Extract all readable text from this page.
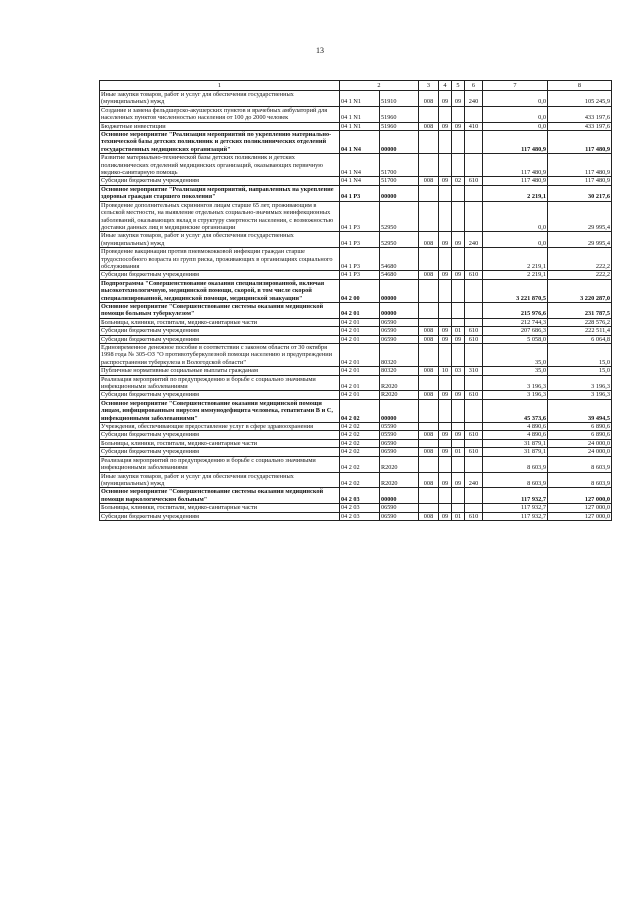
13
1	2		3	4	5	6	7	8
Иные закупки товаров, работ и услуг для обеспечения государственных (муниципальных) нужд	04 1 N1	51910	008	09	09	240	0,0	105 245,9
Создание и замена фельдшерско-акушерских пунктов и врачебных амбулаторий для населенных пунктов численностью населения от 100 до 2000 человек	04 1 N1	51960					0,0	433 197,6
Бюджетные инвестиции	04 1 N1	51960	008	09	09	410	0,0	433 197,6
Основное мероприятие "Реализация мероприятий по укреплению материально-технической базы детских поликлиник и детских поликлинических отделений государственных медицинских организаций"	04 1 N4	00000					117 480,9	117 480,9
Развитие материально-технической базы детских поликлиник и детских поликлинических отделений медицинских организаций, оказывающих первичную медико-санитарную помощь	04 1 N4	51700					117 480,9	117 480,9
Субсидии бюджетным учреждениям	04 1 N4	51700	008	09	02	610	117 480,9	117 480,9
Основное мероприятие "Реализация мероприятий, направленных на укрепление здоровья граждан старшего поколения"	04 1 P3	00000					2 219,1	30 217,6
Проведение дополнительных скринингов лицам старше 65 лет, проживающим в сельской местности, на выявление отдельных социально-значимых неинфекционных заболеваний, оказывающих вклад в структуру смертности населения, с возможностью доставки данных лиц в медицинские организации	04 1 P3	52950					0,0	29 995,4
Иные закупки товаров, работ и услуг для обеспечения государственных (муниципальных) нужд	04 1 P3	52950	008	09	09	240	0,0	29 995,4
Проведение вакцинации против пневмококковой инфекции граждан старше трудоспособного возраста из групп риска, проживающих в организациях социального обслуживания	04 1 P3	54680					2 219,1	222,2
Субсидии бюджетным учреждениям	04 1 P3	54680	008	09	09	610	2 219,1	222,2
Подпрограмма "Совершенствование оказания специализированной, включая высокотехнологичную, медицинской помощи, скорой, в том числе скорой специализированной, медицинской помощи, медицинской эвакуации"	04 2 00	00000					3 221 870,5	3 220 287,0
Основное мероприятие "Совершенствование системы оказания медицинской помощи больным туберкулезом"	04 2 01	00000					215 976,6	231 787,5
Больницы, клиники, госпитали, медико-санитарные части	04 2 01	06590					212 744,3	228 576,2
Субсидии бюджетным учреждениям	04 2 01	06590	008	09	01	610	207 686,3	222 511,4
Субсидии бюджетным учреждениям	04 2 01	06590	008	09	09	610	5 058,0	6 064,8
Единовременное денежное пособие в соответствии с законом области от 30 октября 1998 года № 305-ОЗ "О противотуберкулезной помощи населению и предупреждении распространения туберкулеза в Вологодской области"	04 2 01	80320					35,0	15,0
Публичные нормативные социальные выплаты гражданам	04 2 01	80320	008	10	03	310	35,0	15,0
Реализация мероприятий по предупреждению и борьбе с социально значимыми инфекционными заболеваниями	04 2 01	R2020					3 196,3	3 196,3
Субсидии бюджетным учреждениям	04 2 01	R2020	008	09	09	610	3 196,3	3 196,3
Основное мероприятие "Совершенствование оказания медицинской помощи лицам, инфицированным вирусом иммунодефицита человека, гепатитами В и С, инфекционными заболеваниями"	04 2 02	00000					45 373,6	39 494,5
Учреждения, обеспечивающие предоставление услуг в сфере здравоохранения	04 2 02	05590					4 890,6	6 890,6
Субсидии бюджетным учреждениям	04 2 02	05590	008	09	09	610	4 890,6	6 890,6
Больницы, клиники, госпитали, медико-санитарные части	04 2 02	06590					31 879,1	24 000,0
Субсидии бюджетным учреждениям	04 2 02	06590	008	09	01	610	31 879,1	24 000,0
Реализация мероприятий по предупреждению и борьбе с социально значимыми инфекционными заболеваниями	04 2 02	R2020					8 603,9	8 603,9
Иные закупки товаров, работ и услуг для обеспечения государственных (муниципальных) нужд	04 2 02	R2020	008	09	09	240	8 603,9	8 603,9
Основное мероприятие "Совершенствование системы оказания медицинской помощи наркологическим больным"	04 2 03	00000					117 932,7	127 000,0
Больницы, клиники, госпитали, медико-санитарные части	04 2 03	06590					117 932,7	127 000,0
Субсидии бюджетным учреждениям	04 2 03	06590	008	09	01	610	117 932,7	127 000,0
